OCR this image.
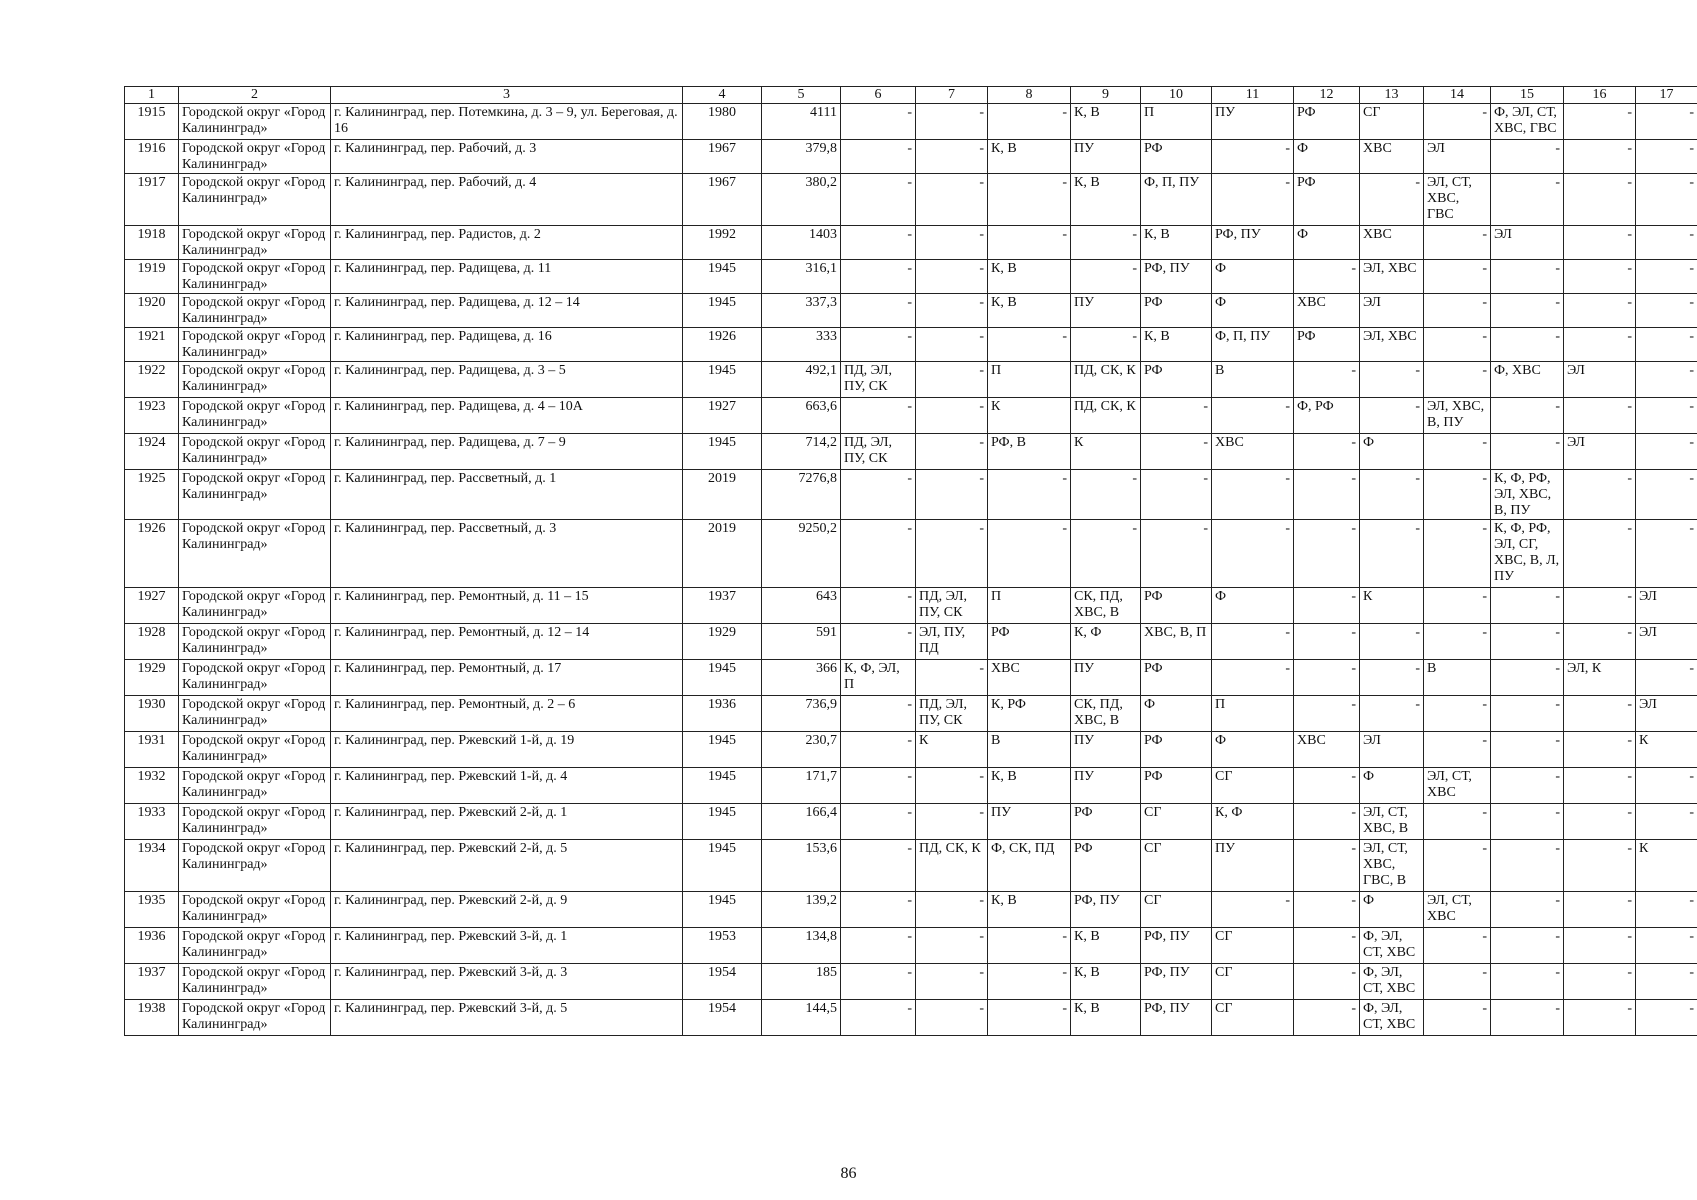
1	2	3	4	5	6	7	8	9	10	11	12	13	14	15	16	17
1915	Городской округ «Город Калининград»	г. Калининград, пер. Потемкина, д. 3 – 9, ул. Береговая, д. 16	1980	4111	-	-	-	К, В	П	ПУ	РФ	СГ	-	Ф, ЭЛ, СТ, ХВС, ГВС	-	-
1916	Городской округ «Город Калининград»	г. Калининград, пер. Рабочий, д. 3	1967	379,8	-	-	К, В	ПУ	РФ	-	Ф	ХВС	ЭЛ	-	-	-
1917	Городской округ «Город Калининград»	г. Калининград, пер. Рабочий, д. 4	1967	380,2	-	-	-	К, В	Ф, П, ПУ	-	РФ	-	ЭЛ, СТ, ХВС, ГВС	-	-	-
1918	Городской округ «Город Калининград»	г. Калининград, пер. Радистов, д. 2	1992	1403	-	-	-	-	К, В	РФ, ПУ	Ф	ХВС	-	ЭЛ	-	-
1919	Городской округ «Город Калининград»	г. Калининград, пер. Радищева, д. 11	1945	316,1	-	-	К, В	-	РФ, ПУ	Ф	-	ЭЛ, ХВС	-	-	-	-
1920	Городской округ «Город Калининград»	г. Калининград, пер. Радищева, д. 12 – 14	1945	337,3	-	-	К, В	ПУ	РФ	Ф	ХВС	ЭЛ	-	-	-	-
1921	Городской округ «Город Калининград»	г. Калининград, пер. Радищева, д. 16	1926	333	-	-	-	-	К, В	Ф, П, ПУ	РФ	ЭЛ, ХВС	-	-	-	-
1922	Городской округ «Город Калининград»	г. Калининград, пер. Радищева, д. 3 – 5	1945	492,1	ПД, ЭЛ, ПУ, СК	-	П	ПД, СК, К	РФ	В	-	-	-	Ф, ХВС	ЭЛ	-
1923	Городской округ «Город Калининград»	г. Калининград, пер. Радищева, д. 4 – 10А	1927	663,6	-	-	К	ПД, СК, К	-	-	Ф, РФ	-	ЭЛ, ХВС, В, ПУ	-	-	-
1924	Городской округ «Город Калининград»	г. Калининград, пер. Радищева, д. 7 – 9	1945	714,2	ПД, ЭЛ, ПУ, СК	-	РФ, В	К	-	ХВС	-	Ф	-	-	ЭЛ	-
1925	Городской округ «Город Калининград»	г. Калининград, пер. Рассветный, д. 1	2019	7276,8	-	-	-	-	-	-	-	-	-	К, Ф, РФ, ЭЛ, ХВС, В, ПУ	-	-
1926	Городской округ «Город Калининград»	г. Калининград, пер. Рассветный, д. 3	2019	9250,2	-	-	-	-	-	-	-	-	-	К, Ф, РФ, ЭЛ, СГ, ХВС, В, Л, ПУ	-	-
1927	Городской округ «Город Калининград»	г. Калининград, пер. Ремонтный, д. 11 – 15	1937	643	-	ПД, ЭЛ, ПУ, СК	П	СК, ПД, ХВС, В	РФ	Ф	-	К	-	-	-	ЭЛ
1928	Городской округ «Город Калининград»	г. Калининград, пер. Ремонтный, д. 12 – 14	1929	591	-	ЭЛ, ПУ, ПД	РФ	К, Ф	ХВС, В, П	-	-	-	-	-	-	ЭЛ
1929	Городской округ «Город Калининград»	г. Калининград, пер. Ремонтный, д. 17	1945	366	К, Ф, ЭЛ, П	-	ХВС	ПУ	РФ	-	-	-	В	-	ЭЛ, К	-
1930	Городской округ «Город Калининград»	г. Калининград, пер. Ремонтный, д. 2 – 6	1936	736,9	-	ПД, ЭЛ, ПУ, СК	К, РФ	СК, ПД, ХВС, В	Ф	П	-	-	-	-	-	ЭЛ
1931	Городской округ «Город Калининград»	г. Калининград, пер. Ржевский 1-й, д. 19	1945	230,7	-	К	В	ПУ	РФ	Ф	ХВС	ЭЛ	-	-	-	К
1932	Городской округ «Город Калининград»	г. Калининград, пер. Ржевский 1-й, д. 4	1945	171,7	-	-	К, В	ПУ	РФ	СГ	-	Ф	ЭЛ, СТ, ХВС	-	-	-
1933	Городской округ «Город Калининград»	г. Калининград, пер. Ржевский 2-й, д. 1	1945	166,4	-	-	ПУ	РФ	СГ	К, Ф	-	ЭЛ, СТ, ХВС, В	-	-	-	-
1934	Городской округ «Город Калининград»	г. Калининград, пер. Ржевский 2-й, д. 5	1945	153,6	-	ПД, СК, К	Ф, СК, ПД	РФ	СГ	ПУ	-	ЭЛ, СТ, ХВС, ГВС, В	-	-	-	К
1935	Городской округ «Город Калининград»	г. Калининград, пер. Ржевский 2-й, д. 9	1945	139,2	-	-	К, В	РФ, ПУ	СГ	-	-	Ф	ЭЛ, СТ, ХВС	-	-	-
1936	Городской округ «Город Калининград»	г. Калининград, пер. Ржевский 3-й, д. 1	1953	134,8	-	-	-	К, В	РФ, ПУ	СГ	-	Ф, ЭЛ, СТ, ХВС	-	-	-	-
1937	Городской округ «Город Калининград»	г. Калининград, пер. Ржевский 3-й, д. 3	1954	185	-	-	-	К, В	РФ, ПУ	СГ	-	Ф, ЭЛ, СТ, ХВС	-	-	-	-
1938	Городской округ «Город Калининград»	г. Калининград, пер. Ржевский 3-й, д. 5	1954	144,5	-	-	-	К, В	РФ, ПУ	СГ	-	Ф, ЭЛ, СТ, ХВС	-	-	-	-
86
